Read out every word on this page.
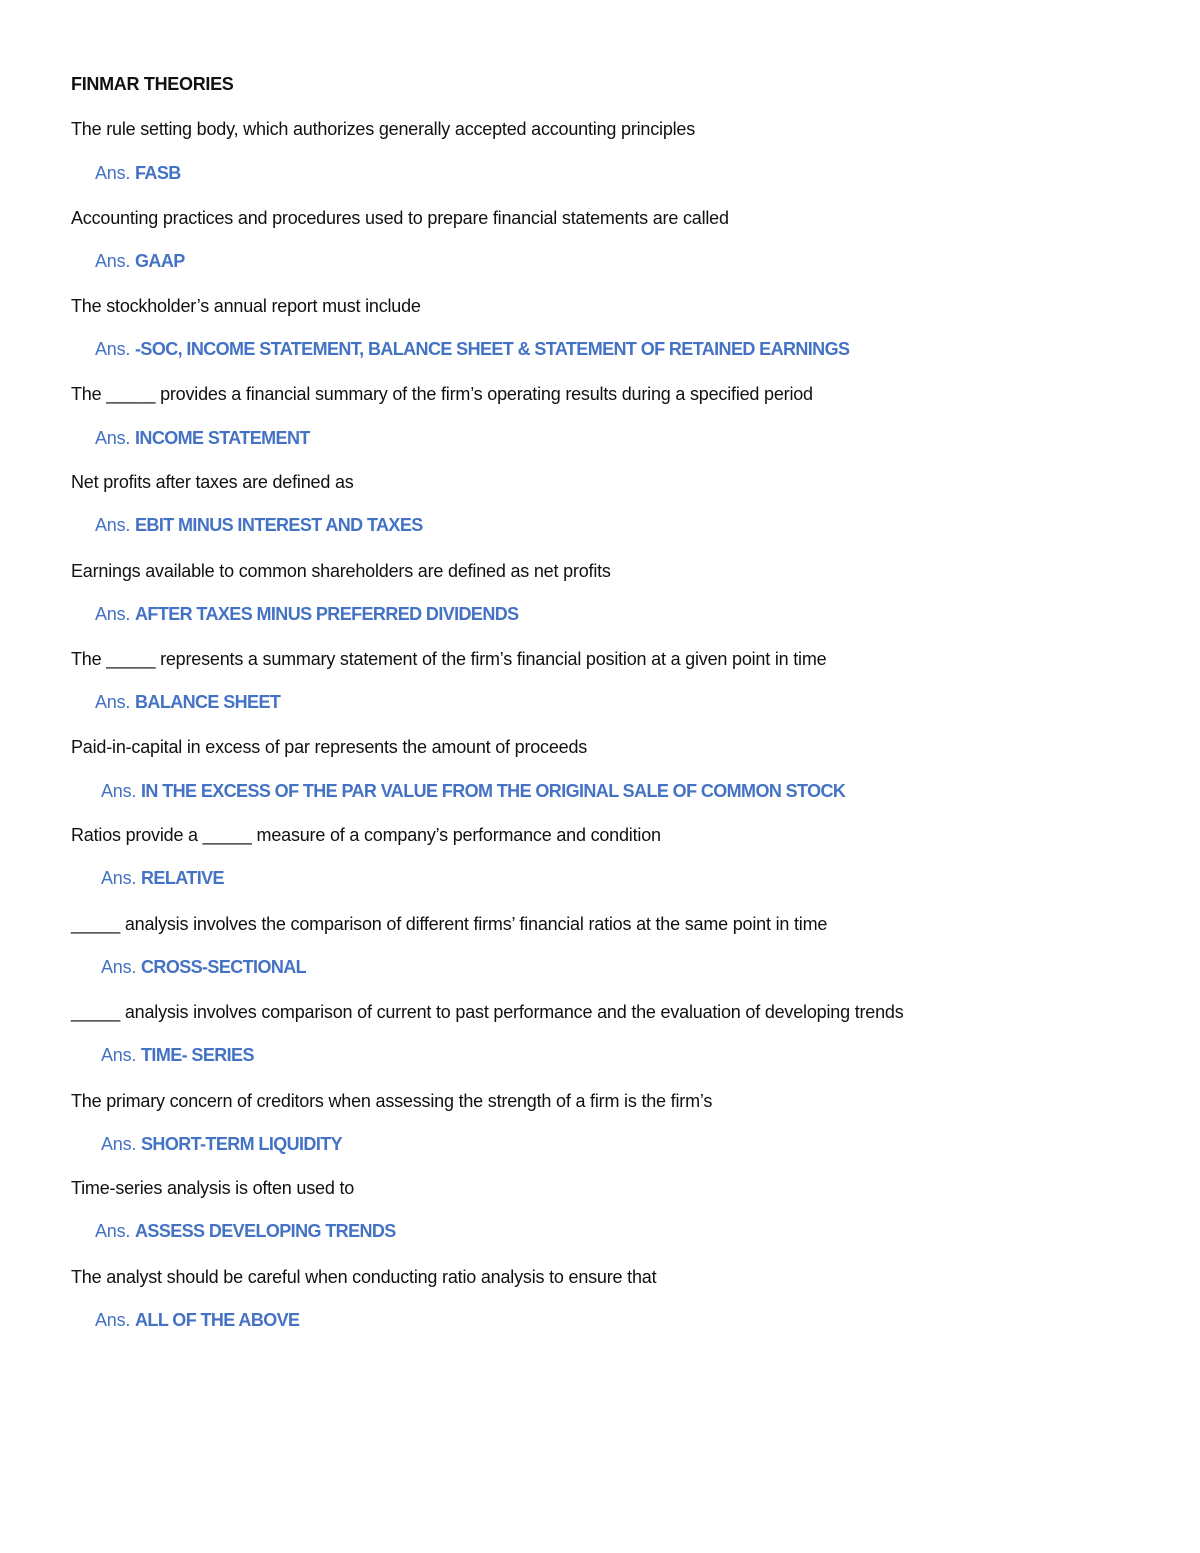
FINMAR THEORIES
The rule setting body, which authorizes generally accepted accounting principles
Ans. FASB
Accounting practices and procedures used to prepare financial statements are called
Ans. GAAP
The stockholder’s annual report must include
Ans. -SOC, INCOME STATEMENT, BALANCE SHEET & STATEMENT OF RETAINED EARNINGS
The _____ provides a financial summary of the firm’s operating results during a specified period
Ans. INCOME STATEMENT
Net profits after taxes are defined as
Ans. EBIT MINUS INTEREST AND TAXES
Earnings available to common shareholders are defined as net profits
Ans. AFTER TAXES MINUS PREFERRED DIVIDENDS
The _____ represents a summary statement of the firm’s financial position at a given point in time
Ans. BALANCE SHEET
Paid-in-capital in excess of par represents the amount of proceeds
Ans. IN THE EXCESS OF THE PAR VALUE FROM THE ORIGINAL SALE OF COMMON STOCK
Ratios provide a _____ measure of a company’s performance and condition
Ans. RELATIVE
_____ analysis involves the comparison of different firms’ financial ratios at the same point in time
Ans. CROSS-SECTIONAL
_____ analysis involves comparison of current to past performance and the evaluation of developing trends
Ans. TIME- SERIES
The primary concern of creditors when assessing the strength of a firm is the firm’s
Ans. SHORT-TERM LIQUIDITY
Time-series analysis is often used to
Ans. ASSESS DEVELOPING TRENDS
The analyst should be careful when conducting ratio analysis to ensure that
Ans. ALL OF THE ABOVE
